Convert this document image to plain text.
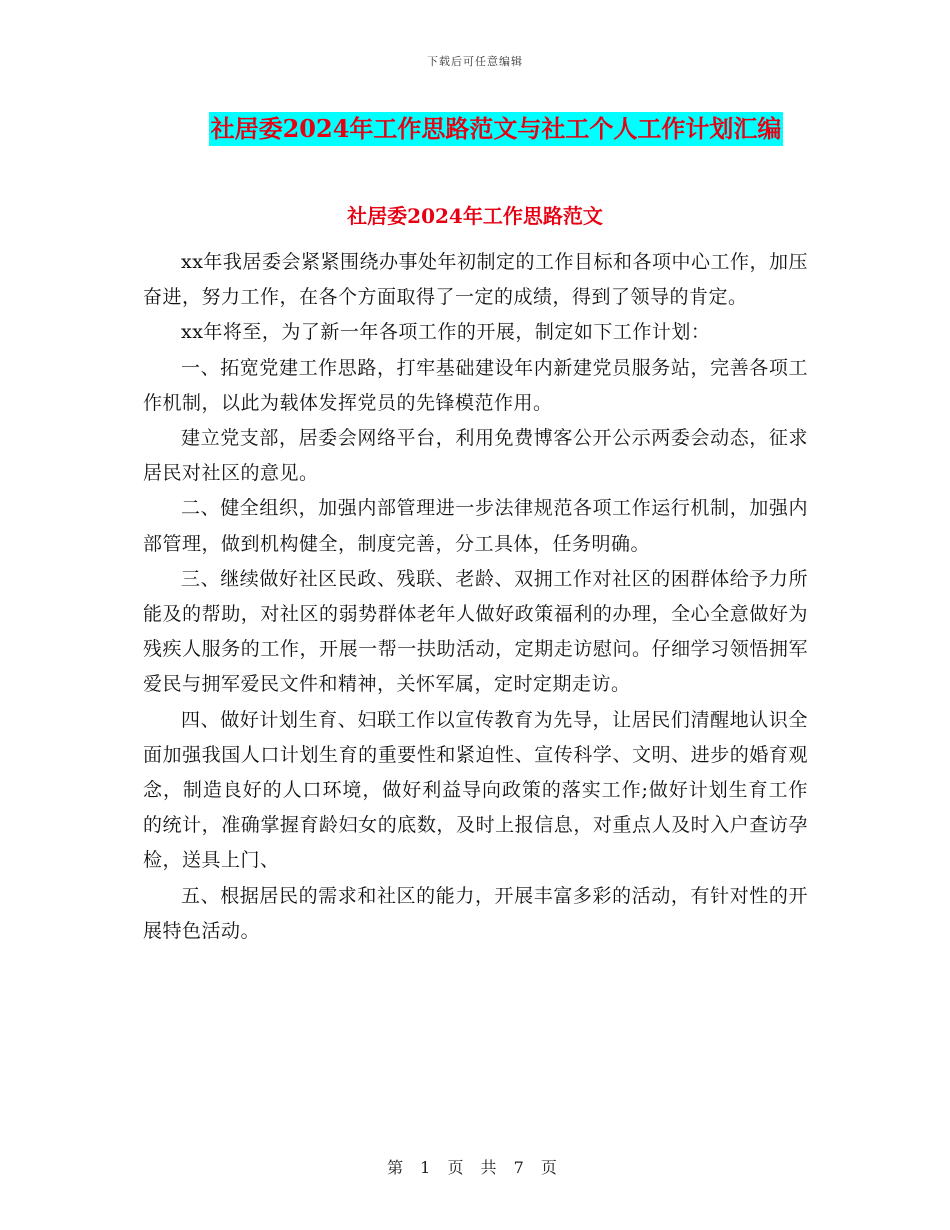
下载后可任意编辑
社居委2024年工作思路范文与社工个人工作计划汇编
社居委2024年工作思路范文

xx年我居委会紧紧围绕办事处年初制定的工作目标和各项中心工作，加压奋进，努力工作，在各个方面取得了一定的成绩，得到了领导的肯定。

xx年将至，为了新一年各项工作的开展，制定如下工作计划：

一、拓宽党建工作思路，打牢基础建设年内新建党员服务站，完善各项工作机制，以此为载体发挥党员的先锋模范作用。

建立党支部，居委会网络平台，利用免费博客公开公示两委会动态，征求居民对社区的意见。

二、健全组织，加强内部管理进一步法律规范各项工作运行机制，加强内部管理，做到机构健全，制度完善，分工具体，任务明确。

三、继续做好社区民政、残联、老龄、双拥工作对社区的困群体给予力所能及的帮助，对社区的弱势群体老年人做好政策福利的办理，全心全意做好为残疾人服务的工作，开展一帮一扶助活动，定期走访慰问。仔细学习领悟拥军爱民与拥军爱民文件和精神，关怀军属，定时定期走访。

四、做好计划生育、妇联工作以宣传教育为先导，让居民们清醒地认识全面加强我国人口计划生育的重要性和紧迫性、宣传科学、文明、进步的婚育观念，制造良好的人口环境，做好利益导向政策的落实工作;做好计划生育工作的统计，准确掌握育龄妇女的底数，及时上报信息，对重点人及时入户查访孕检，送具上门、

五、根据居民的需求和社区的能力，开展丰富多彩的活动，有针对性的开展特色活动。

第 1 页 共 7 页
